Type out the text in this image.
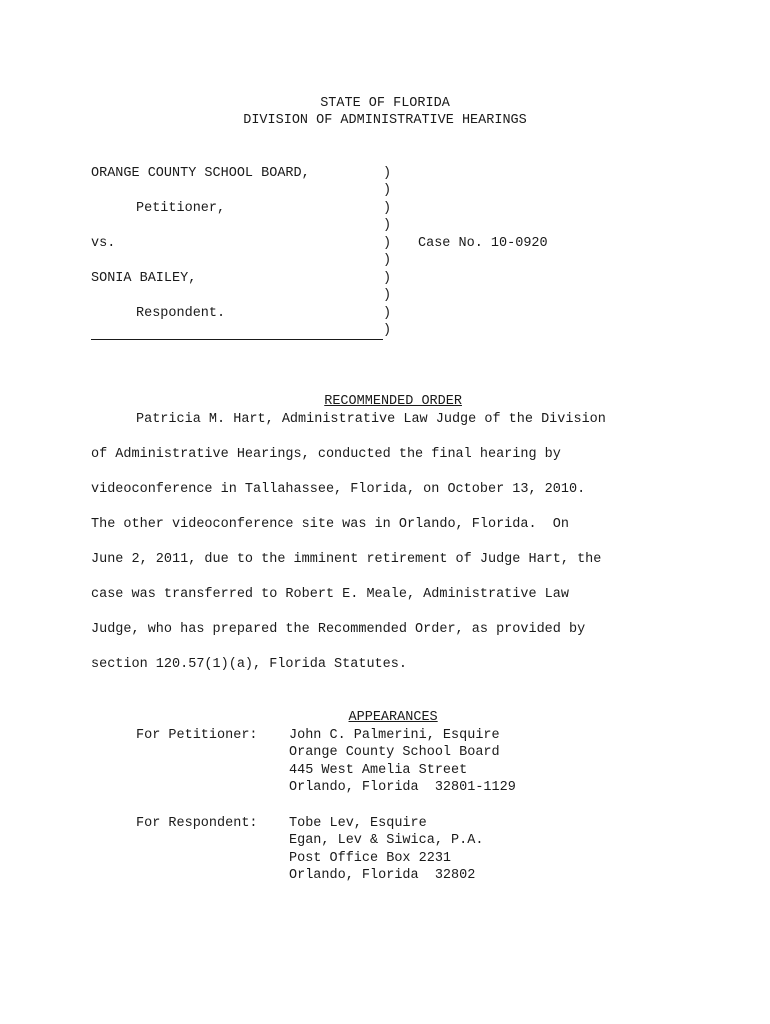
STATE OF FLORIDA
DIVISION OF ADMINISTRATIVE HEARINGS
ORANGE COUNTY SCHOOL BOARD,
Petitioner,
vs.
SONIA BAILEY,
Respondent.
Case No. 10-0920
)
)
)
)
)
)
)
)
)
)

RECOMMENDED ORDER

Patricia M. Hart, Administrative Law Judge of the Division
of Administrative Hearings, conducted the final hearing by
videoconference in Tallahassee, Florida, on October 13, 2010.
The other videoconference site was in Orlando, Florida.  On
June 2, 2011, due to the imminent retirement of Judge Hart, the
case was transferred to Robert E. Meale, Administrative Law
Judge, who has prepared the Recommended Order, as provided by
section 120.57(1)(a), Florida Statutes.

APPEARANCES

For Petitioner: John C. Palmerini, Esquire
Orange County School Board
445 West Amelia Street
Orlando, Florida  32801-1129
For Respondent: Tobe Lev, Esquire
Egan, Lev & Siwica, P.A.
Post Office Box 2231
Orlando, Florida  32802
